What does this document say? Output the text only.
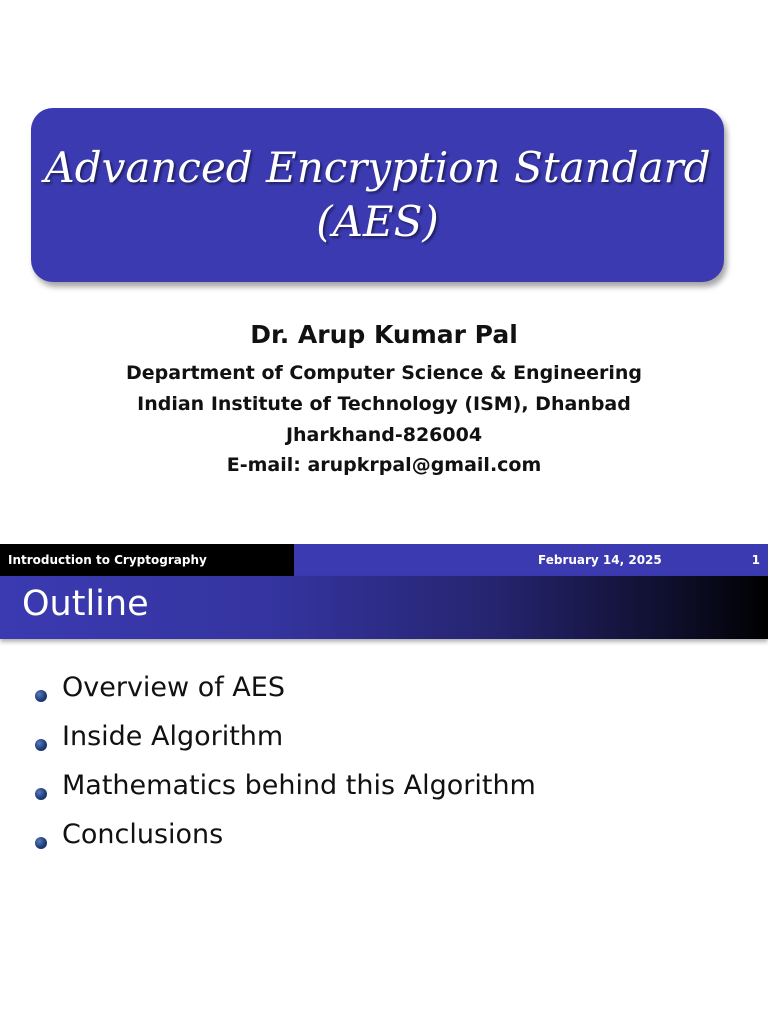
Advanced Encryption Standard
(AES)
Dr. Arup Kumar Pal
Department of Computer Science & Engineering
Indian Institute of Technology (ISM), Dhanbad
Jharkhand-826004
E-mail: arupkrpal@gmail.com
Introduction to Cryptography	February 14, 2025	1
Outline
Overview of AES
Inside Algorithm
Mathematics behind this Algorithm
Conclusions
